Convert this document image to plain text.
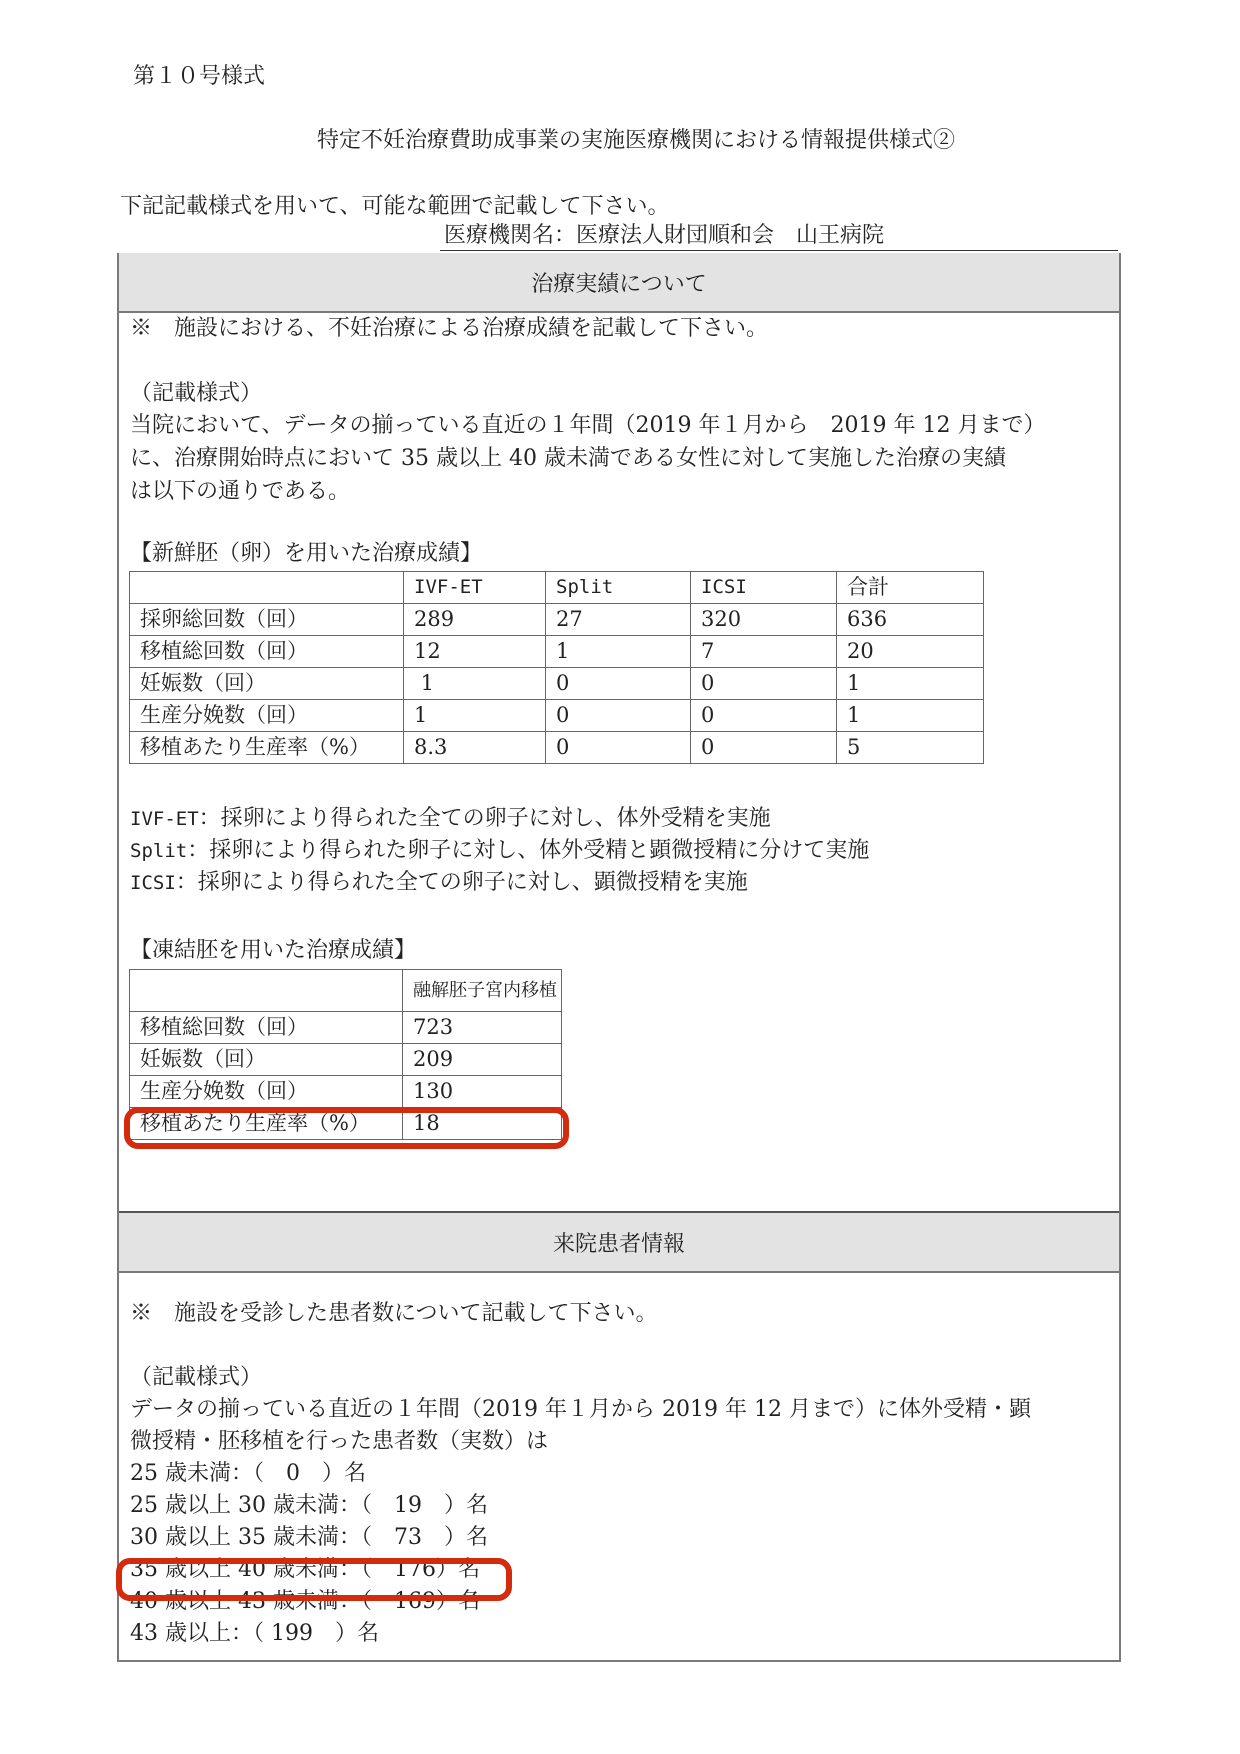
第１０号様式
特定不妊治療費助成事業の実施医療機関における情報提供様式②
下記記載様式を用いて、可能な範囲で記載して下さい。
医療機関名：医療法人財団順和会　山王病院
治療実績について
※　施設における、不妊治療による治療成績を記載して下さい。
（記載様式）
当院において、データの揃っている直近の１年間（2019 年１月から　2019 年 12 月まで）
に、治療開始時点において 35 歳以上 40 歳未満である女性に対して実施した治療の実績
は以下の通りである。
【新鮮胚（卵）を用いた治療成績】
	IVF-ET	Split	ICSI	合計
採卵総回数（回）	289	27	320	636
移植総回数（回）	12	1	7	20
妊娠数（回）	1	0	0	1
生産分娩数（回）	1	0	0	1
移植あたり生産率（%）	8.3	0	0	5
IVF-ET：採卵により得られた全ての卵子に対し、体外受精を実施
Split：採卵により得られた卵子に対し、体外受精と顕微授精に分けて実施
ICSI：採卵により得られた全ての卵子に対し、顕微授精を実施
【凍結胚を用いた治療成績】
	融解胚子宮内移植
移植総回数（回）	723
妊娠数（回）	209
生産分娩数（回）	130
移植あたり生産率（%）	18
来院患者情報
※　施設を受診した患者数について記載して下さい。
（記載様式）
データの揃っている直近の１年間（2019 年１月から 2019 年 12 月まで）に体外受精・顕
微授精・胚移植を行った患者数（実数）は
25 歳未満：（　0　）名
25 歳以上 30 歳未満：（　19　）名
30 歳以上 35 歳未満：（　73　）名
35 歳以上 40 歳未満：（　176）名
40 歳以上 43 歳未満：（　169）名
43 歳以上：（ 199　）名
